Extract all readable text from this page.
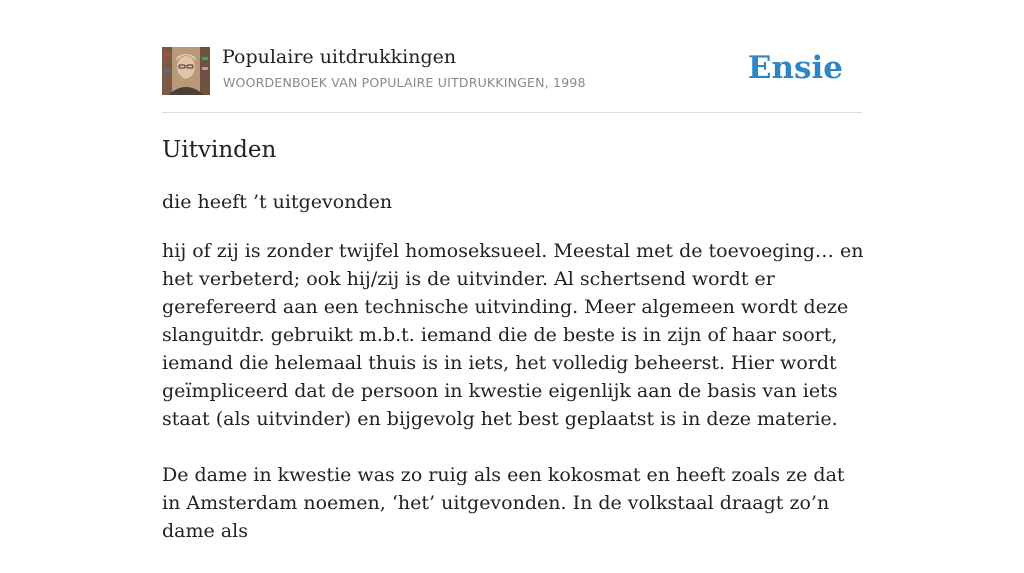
Populaire uitdrukkingen
WOORDENBOEK VAN POPULAIRE UITDRUKKINGEN, 1998	Ensie
Uitvinden
die heeft ’t uitgevonden

hij of zij is zonder twijfel homoseksueel. Meestal met de toevoeging… en het verbeterd; ook hij/zij is de uitvinder. Al schertsend wordt er gerefereerd aan een technische uitvinding. Meer algemeen wordt deze slanguitdr. gebruikt m.b.t. iemand die de beste is in zijn of haar soort, iemand die helemaal thuis is in iets, het volledig beheerst. Hier wordt geïmpliceerd dat de persoon in kwestie eigenlijk aan de basis van iets staat (als uitvinder) en bijgevolg het best geplaatst is in deze materie.

De dame in kwestie was zo ruig als een kokosmat en heeft zoals ze dat in Amsterdam noemen, ‘het’ uitgevonden. In de volkstaal draagt zo’n dame als
